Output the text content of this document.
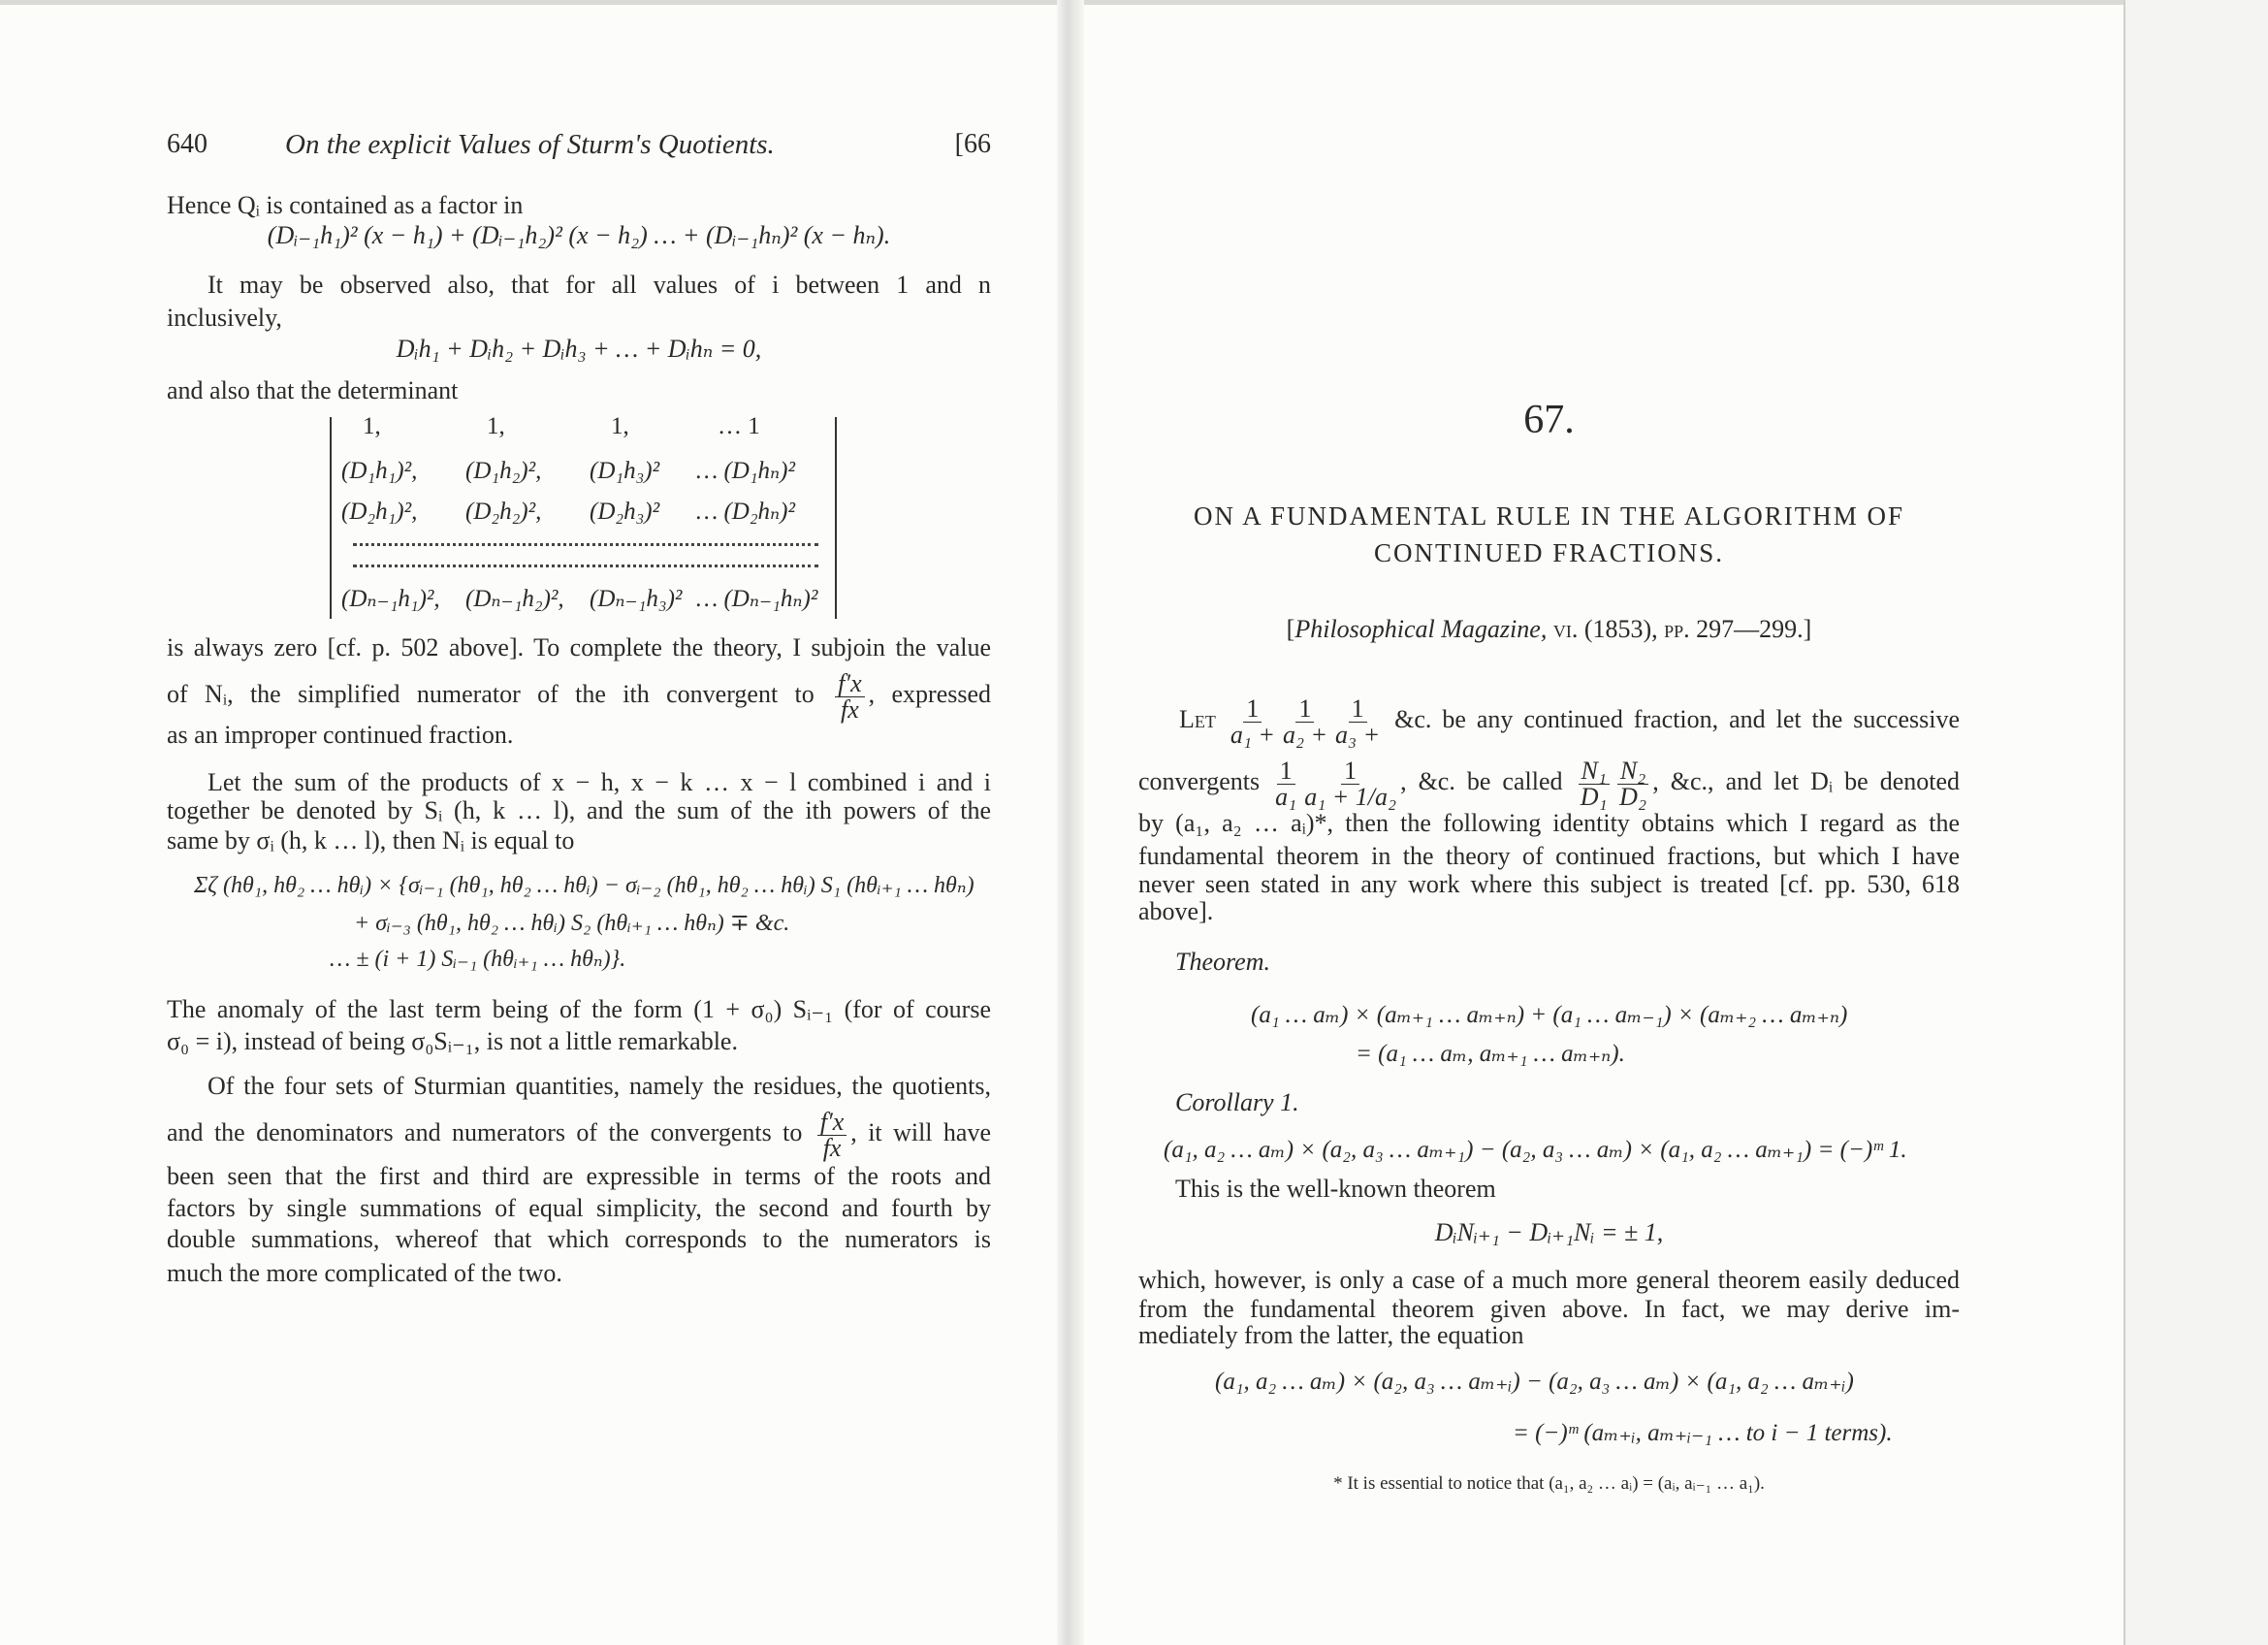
640	On the explicit Values of Sturm's Quotients.	[66
Hence Qᵢ is contained as a factor in
(Dᵢ₋₁h₁)² (x − h₁) + (Dᵢ₋₁h₂)² (x − h₂) … + (Dᵢ₋₁hₙ)² (x − hₙ).
It may be observed also, that for all values of i between 1 and n
inclusively,
Dᵢh₁ + Dᵢh₂ + Dᵢh₃ + … + Dᵢhₙ = 0,
and also that the determinant
1,	1,	1,	… 1
(D₁h₁)²,	(D₁h₂)²,	(D₁h₃)²	… (D₁hₙ)²
(D₂h₁)²,	(D₂h₂)²,	(D₂h₃)²	… (D₂hₙ)²
(Dₙ₋₁h₁)²,	(Dₙ₋₁h₂)²,	(Dₙ₋₁h₃)² … (Dₙ₋₁hₙ)²
is always zero [cf. p. 502 above]. To complete the theory, I subjoin the value
of Nᵢ, the simplified numerator of the ith convergent to $\frac{f'x}{fx}$ , expressed
as an improper continued fraction.
Let the sum of the products of x − h, x − k … x − l combined i and i
together be denoted by Sᵢ (h, k … l), and the sum of the ith powers of the
same by σᵢ (h, k … l), then Nᵢ is equal to
Σζ (hθ₁, hθ₂ … hθᵢ) × {σᵢ₋₁ (hθ₁, hθ₂ … hθᵢ) − σᵢ₋₂ (hθ₁, hθ₂ … hθᵢ) S₁ (hθᵢ₊₁ … hθₙ)
+ σᵢ₋₃ (hθ₁, hθ₂ … hθᵢ) S₂ (hθᵢ₊₁ … hθₙ) ∓ &c.
… ± (i + 1) Sᵢ₋₁ (hθᵢ₊₁ … hθₙ)}.
The anomaly of the last term being of the form (1 + σ₀) Sᵢ₋₁ (for of course
σ₀ = i), instead of being σ₀Sᵢ₋₁, is not a little remarkable.
Of the four sets of Sturmian quantities, namely the residues, the quotients,
and the denominators and numerators of the convergents to $\frac{f'x}{fx}$ , it will have
been seen that the first and third are expressible in terms of the roots and
factors by single summations of equal simplicity, the second and fourth by
double summations, whereof that which corresponds to the numerators is
much the more complicated of the two.
67.
ON A FUNDAMENTAL RULE IN THE ALGORITHM OF
CONTINUED FRACTIONS.
[Philosophical Magazine, vi. (1853), pp. 297—299.]
Let $\frac{1}{\text{a₁ +}} \frac{1}{\text{a₂ +}} \frac{1}{\text{a₃ +}}$ &c. be any continued fraction, and let the successive
convergents $\frac{1}{\text{a₁}} \frac{1}{\text{a₁ + 1/a₂}}$ , &c. be called $\frac{\text{N₁}}{\text{D₁}} \frac{\text{N₂}}{\text{D₂}}$ , &c., and let Dᵢ be denoted
by (a₁, a₂ … aᵢ)*, then the following identity obtains which I regard as the
fundamental theorem in the theory of continued fractions, but which I have
never seen stated in any work where this subject is treated [cf. pp. 530, 618
above].
Theorem.
(a₁ … aₘ) × (aₘ₊₁ … aₘ₊ₙ) + (a₁ … aₘ₋₁) × (aₘ₊₂ … aₘ₊ₙ)
= (a₁ … aₘ, aₘ₊₁ … aₘ₊ₙ).
Corollary 1.
(a₁, a₂ … aₘ) × (a₂, a₃ … aₘ₊₁) − (a₂, a₃ … aₘ) × (a₁, a₂ … aₘ₊₁) = (−)ᵐ 1.
This is the well-known theorem
DᵢNᵢ₊₁ − Dᵢ₊₁Nᵢ = ± 1,
which, however, is only a case of a much more general theorem easily deduced
from the fundamental theorem given above. In fact, we may derive im-
mediately from the latter, the equation
(a₁, a₂ … aₘ) × (a₂, a₃ … aₘ₊ᵢ) − (a₂, a₃ … aₘ) × (a₁, a₂ … aₘ₊ᵢ)
= (−)ᵐ (aₘ₊ᵢ, aₘ₊ᵢ₋₁ … to i − 1 terms).
* It is essential to notice that (a₁, a₂ … aᵢ) = (aᵢ, aᵢ₋₁ … a₁).
